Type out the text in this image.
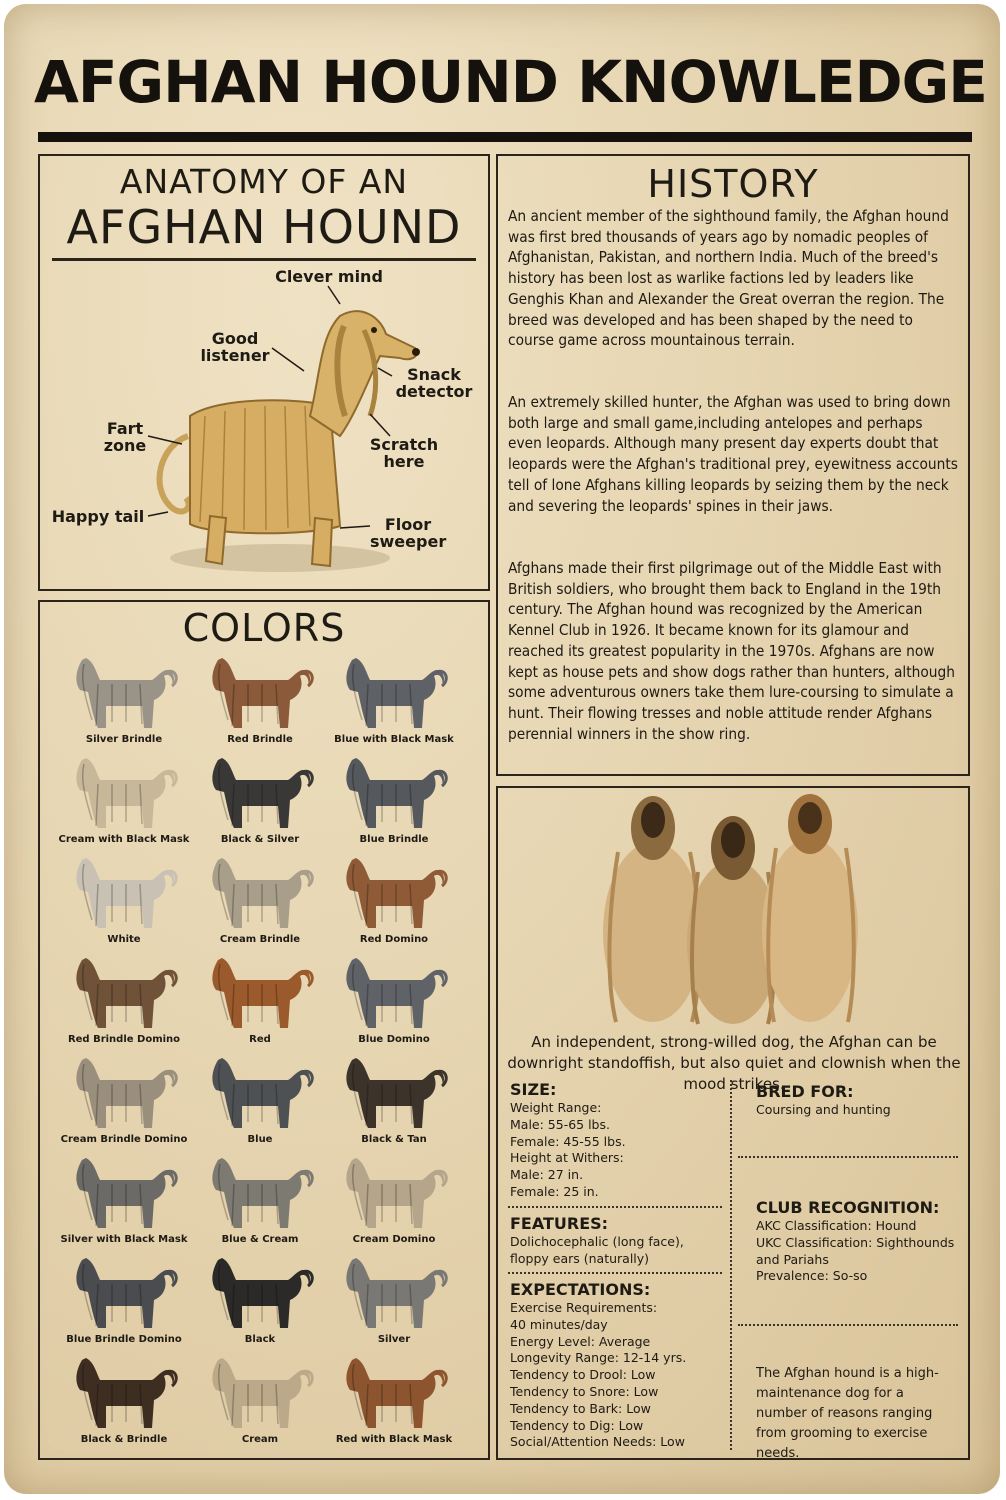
AFGHAN HOUND KNOWLEDGE
ANATOMY OF AN
AFGHAN HOUND
Clever mind
Good listener
Snack detector
Fart zone	Scratch here
Happy tail	Floor sweeper
COLORS
Silver Brindle	Red Brindle	Blue with Black Mask
Cream with Black Mask	Black & Silver	Blue Brindle
White	Cream Brindle	Red Domino
Red Brindle Domino	Red	Blue Domino
Cream Brindle Domino	Blue	Black & Tan
Silver with Black Mask	Blue & Cream	Cream Domino
Blue Brindle Domino	Black	Silver
Black & Brindle	Cream	Red with Black Mask
HISTORY
An ancient member of the sighthound family, the Afghan hound was first bred thousands of years ago by nomadic peoples of Afghanistan, Pakistan, and northern India. Much of the breed's history has been lost as warlike factions led by leaders like Genghis Khan and Alexander the Great overran the region. The breed was developed and has been shaped by the need to course game across mountainous terrain.
An extremely skilled hunter, the Afghan was used to bring down both large and small game,including antelopes and perhaps even leopards. Although many present day experts doubt that leopards were the Afghan's traditional prey, eyewitness accounts tell of lone Afghans killing leopards by seizing them by the neck and severing the leopards' spines in their jaws.
Afghans made their first pilgrimage out of the Middle East with British soldiers, who brought them back to England in the 19th century. The Afghan hound was recognized by the American Kennel Club in 1926. It became known for its glamour and reached its greatest popularity in the 1970s. Afghans are now kept as house pets and show dogs rather than hunters, although some adventurous owners take them lure-coursing to simulate a hunt. Their flowing tresses and noble attitude render Afghans perennial winners in the show ring.
An independent, strong-willed dog, the Afghan can be downright standoffish, but also quiet and clownish when the mood strikes.
SIZE:
Weight Range:
Male: 55-65 lbs.
Female: 45-55 lbs.
Height at Withers:
Male: 27 in.
Female: 25 in.
FEATURES:
Dolichocephalic (long face),
floppy ears (naturally)
EXPECTATIONS:
Exercise Requirements:
40 minutes/day
Energy Level: Average
Longevity Range: 12-14 yrs.
Tendency to Drool: Low
Tendency to Snore: Low
Tendency to Bark: Low
Tendency to Dig: Low
Social/Attention Needs: Low
BRED FOR:
Coursing and hunting
CLUB RECOGNITION:
AKC Classification: Hound
UKC Classification: Sighthounds
and Pariahs
Prevalence: So-so
The Afghan hound is a high-maintenance dog for a number of reasons ranging from grooming to exercise needs.
